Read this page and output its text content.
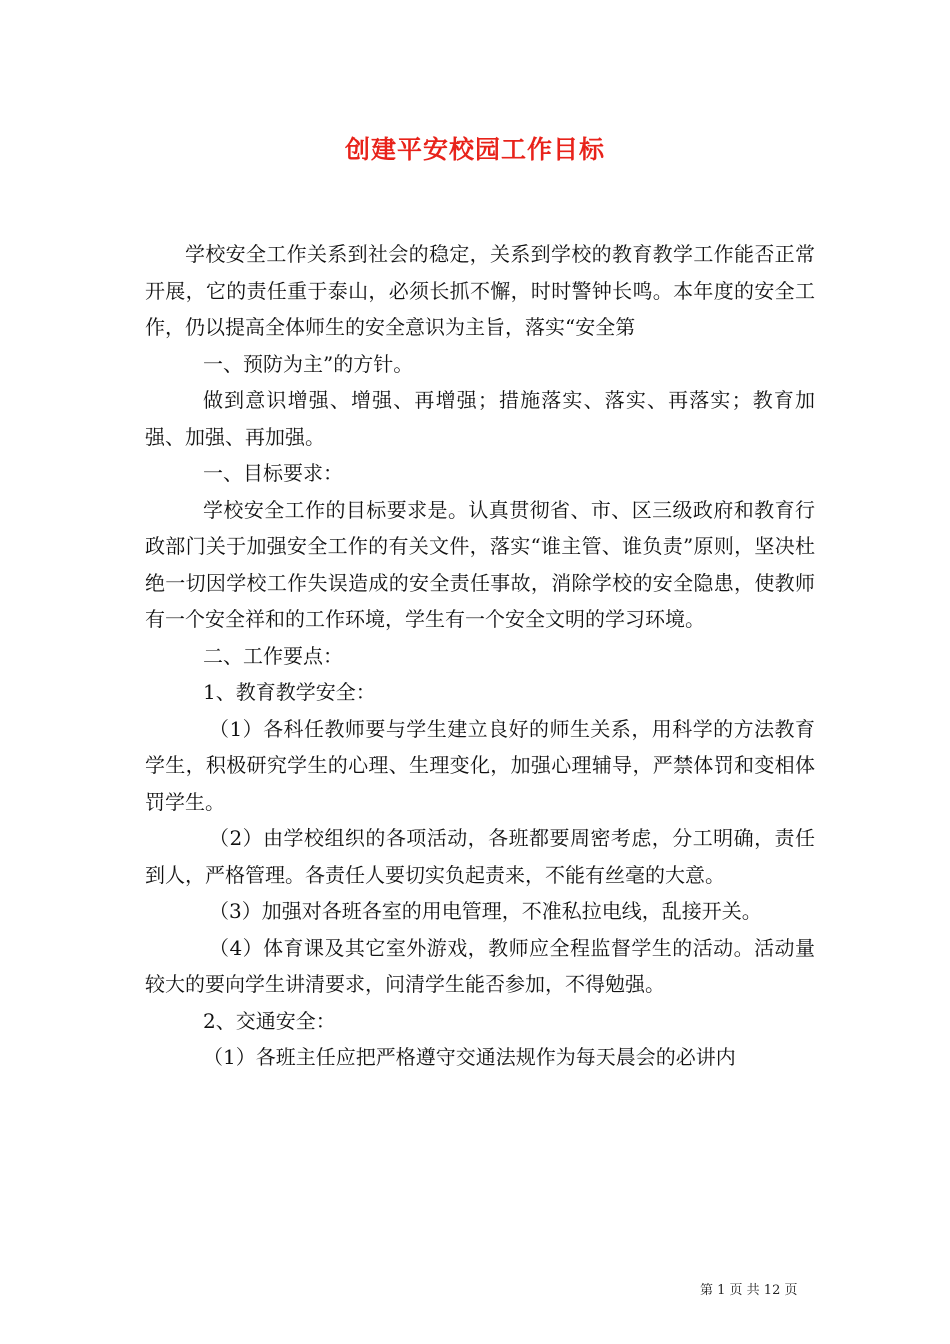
创建平安校园工作目标

学校安全工作关系到社会的稳定，关系到学校的教育教学工作能否正常开展，它的责任重于泰山，必须长抓不懈，时时警钟长鸣。本年度的安全工作，仍以提高全体师生的安全意识为主旨，落实“安全第

一、预防为主”的方针。

做到意识增强、增强、再增强；措施落实、落实、再落实；教育加强、加强、再加强。

一、目标要求：

学校安全工作的目标要求是。认真贯彻省、市、区三级政府和教育行政部门关于加强安全工作的有关文件，落实“谁主管、谁负责”原则，坚决杜绝一切因学校工作失误造成的安全责任事故，消除学校的安全隐患，使教师有一个安全祥和的工作环境，学生有一个安全文明的学习环境。

二、工作要点：

1、教育教学安全：

（1）各科任教师要与学生建立良好的师生关系，用科学的方法教育学生，积极研究学生的心理、生理变化，加强心理辅导，严禁体罚和变相体罚学生。

（2）由学校组织的各项活动，各班都要周密考虑，分工明确，责任到人，严格管理。各责任人要切实负起责来，不能有丝毫的大意。

（3）加强对各班各室的用电管理，不准私拉电线，乱接开关。

（4）体育课及其它室外游戏，教师应全程监督学生的活动。活动量较大的要向学生讲清要求，问清学生能否参加，不得勉强。

2、交通安全：

（1）各班主任应把严格遵守交通法规作为每天晨会的必讲内

第 1 页 共 12 页
